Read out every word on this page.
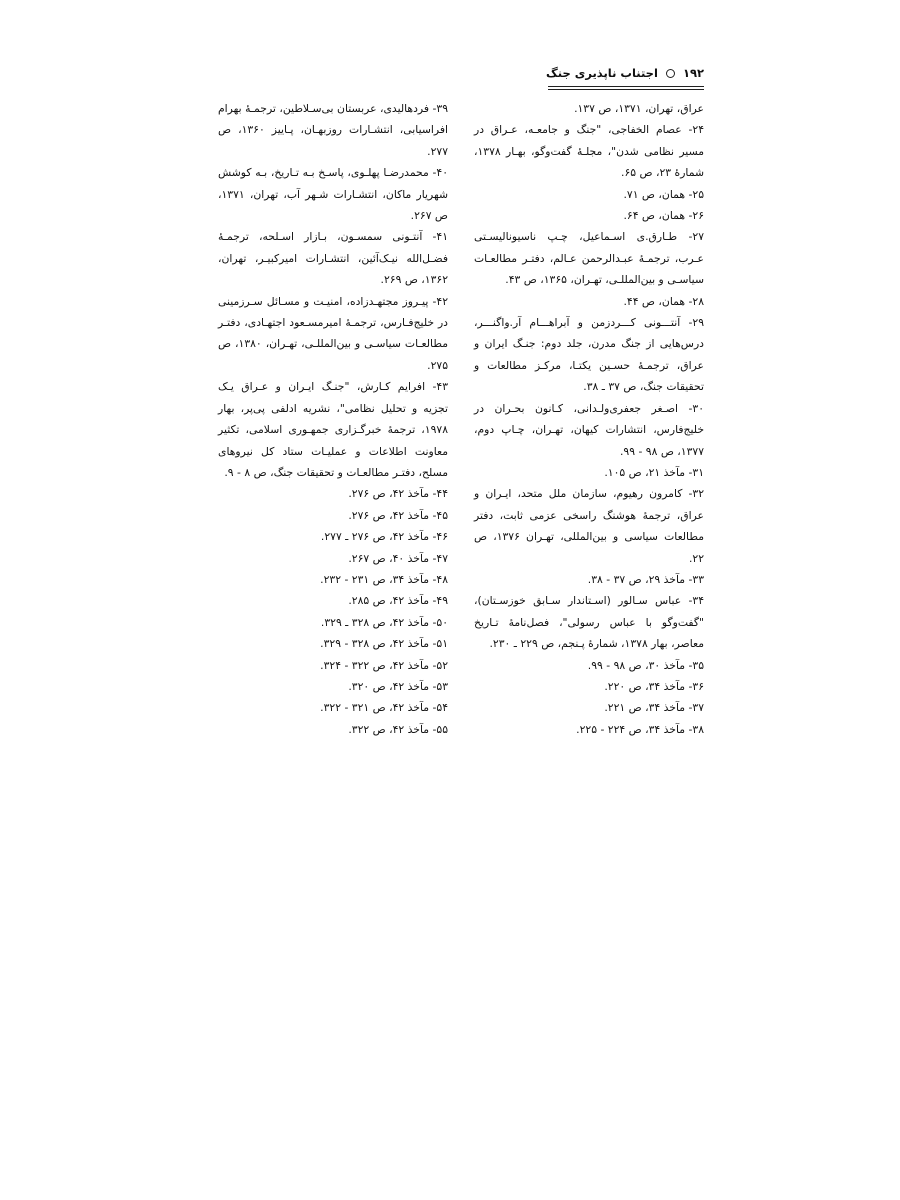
۱۹۲  اجتناب ناپذیری جنگ

عراق، تهران، ۱۳۷۱، ص ۱۳۷.

۲۴- عصام الخفاجی، "جنگ و جامعـه، عـراق در مسیر نظامی شدن"، مجلـهٔ گفت‌وگو، بهـار ۱۳۷۸، شمارهٔ ۲۳، ص ۶۵.

۲۵- همان، ص ۷۱.

۲۶- همان، ص ۶۴.

۲۷- طـارق.ی اسـماعیل، چـپ ناسیونالیسـتی عـرب، ترجمـهٔ عبـدالرحمن عـالم، دفتـر مطالعـات سیاسـی و بین‌المللـی، تهـران، ۱۳۶۵، ص ۴۳.

۲۸- همان، ص ۴۴.

۲۹- آنتـــونی کـــردزمن و آبراهـــام آر.واگنـــر، درس‌هایی از جنگ مدرن، جلد دوم: جنـگ ایران و عراق، ترجمـهٔ حسـین یکتـا، مرکـز مطالعات و تحقیقات جنگ، ص ۳۷ ـ ۳۸.

۳۰- اصـغر جعفری‌ولـدانی، کـانون بحـران در خلیج‌فارس، انتشارات کیهان، تهـران، چـاپ دوم، ۱۳۷۷، ص ۹۸ - ۹۹.

۳۱- مآخذ ۲۱، ص ۱۰۵.

۳۲- کامرون رهیوم، سازمان ملل متحد، ایـران و عراق، ترجمهٔ هوشنگ راسخی عزمی ثابت، دفتر مطالعات سیاسی و بین‌المللی، تهـران ۱۳۷۶، ص ۲۲.

۳۳- مآخذ ۲۹، ص ۳۷ - ۳۸.

۳۴- عباس سـالور (اسـتاندار سـابق خوزسـتان)، "گفت‌وگو با عباس رسولی"، فصل‌نامهٔ تـاریخ معاصر، بهار ۱۳۷۸، شمارهٔ پـنجم، ص ۲۲۹ ـ ۲۳۰.

۳۵- مآخذ ۳۰، ص ۹۸ - ۹۹.

۳۶- مآخذ ۳۴، ص ۲۲۰.

۳۷- مآخذ ۳۴، ص ۲۲۱.

۳۸- مآخذ ۳۴، ص ۲۲۴ - ۲۲۵.

۳۹- فردهالیدی، عربستان بی‌سـلاطین، ترجمـهٔ بهرام افراسیابی، انتشـارات روزبهـان، پـاییز ۱۳۶۰، ص ۲۷۷.

۴۰- محمدرضـا پهلـوی، پاسـخ بـه تـاریخ، بـه کوشش شهریار ماکان، انتشـارات شـهر آب، تهران، ۱۳۷۱، ص ۲۶۷.

۴۱- آنتـونی سمسـون، بـازار اسـلحه، ترجمـهٔ فضـل‌الله نیـک‌آئین، انتشـارات امیرکبیـر، تهران، ۱۳۶۲، ص ۲۶۹.

۴۲- پیـروز مجتهـدزاده، امنیـت و مسـائل سـرزمینی در خلیج‌فـارس، ترجمـهٔ امیرمسـعود اجتهـادی، دفتـر مطالعـات سیاسـی و بین‌المللـی، تهـران، ۱۳۸۰، ص ۲۷۵.

۴۳- افرایم کـارش، "جنـگ ایـران و عـراق یـک تجزیه و تحلیل نظامی"، نشریه ادلفی پی‌پر، بهار ۱۹۷۸، ترجمهٔ خبرگـزاری جمهـوری اسلامی، تکثیر معاونت اطلاعات و عملیـات ستاد کل نیروهای مسلح، دفتـر مطالعـات و تحقیقات جنگ، ص ۸ - ۹.

۴۴- مآخذ ۴۲، ص ۲۷۶.

۴۵- مآخذ ۴۲، ص ۲۷۶.

۴۶- مآخذ ۴۲، ص ۲۷۶ ـ ۲۷۷.

۴۷- مآخذ ۴۰، ص ۲۶۷.

۴۸- مآخذ ۳۴، ص ۲۳۱ - ۲۳۲.

۴۹- مآخذ ۴۲، ص ۲۸۵.

۵۰- مآخذ ۴۲، ص ۳۲۸ ـ ۳۲۹.

۵۱- مآخذ ۴۲، ص ۳۲۸ - ۳۲۹.

۵۲- مآخذ ۴۲، ص ۳۲۲ - ۳۲۴.

۵۳- مآخذ ۴۲، ص ۳۲۰.

۵۴- مآخذ ۴۲، ص ۳۲۱ - ۳۲۲.

۵۵- مآخذ ۴۲، ص ۳۲۲.
